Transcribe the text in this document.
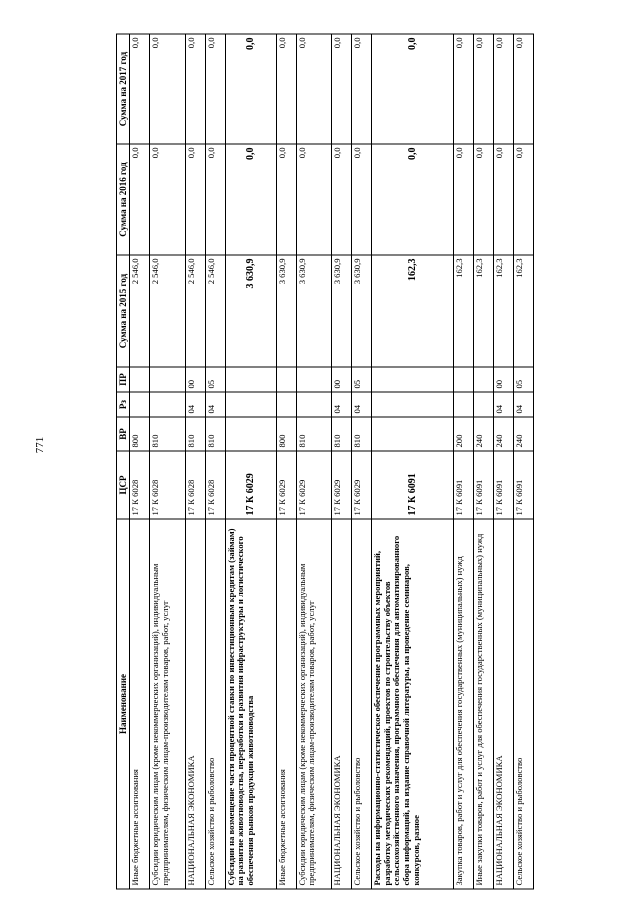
771
Наименование	ЦСР	ВР	Рз	ПР	Сумма на 2015 год	Сумма на 2016 год	Сумма на 2017 год
Иные бюджетные ассигнования	17 К 6028	800			2 546,0	0,0	0,0
Субсидии юридическим лицам (кроме некоммерческих организаций), индивидуальным предпринимателям, физическим лицам-производителям товаров, работ, услуг	17 К 6028	810			2 546,0	0,0	0,0
НАЦИОНАЛЬНАЯ ЭКОНОМИКА	17 К 6028	810	04	00	2 546,0	0,0	0,0
Сельское хозяйство и рыболовство	17 К 6028	810	04	05	2 546,0	0,0	0,0
Субсидии на возмещение части процентной ставки по инвестиционным кредитам (займам) на развитие животноводства, переработки и развития инфраструктуры и логистического обеспечения рынков продукции животноводства	17 К 6029				3 630,9	0,0	0,0
Иные бюджетные ассигнования	17 К 6029	800			3 630,9	0,0	0,0
Субсидии юридическим лицам (кроме некоммерческих организаций), индивидуальным предпринимателям, физическим лицам-производителям товаров, работ, услуг	17 К 6029	810			3 630,9	0,0	0,0
НАЦИОНАЛЬНАЯ ЭКОНОМИКА	17 К 6029	810	04	00	3 630,9	0,0	0,0
Сельское хозяйство и рыболовство	17 К 6029	810	04	05	3 630,9	0,0	0,0
Расходы на информационно-статистическое обеспечение программных мероприятий, разработку методических рекомендаций, проектов по строительству объектов сельскохозяйственного назначения, программного обеспечения для автоматизированного сбора информаций, на издание справочной литературы, на проведение семинаров, конкурсов, разное	17 К 6091				162,3	0,0	0,0
Закупка товаров, работ и услуг для обеспечения государственных (муниципальных) нужд	17 К 6091	200			162,3	0,0	0,0
Иные закупки товаров, работ и услуг для обеспечения государственных (муниципальных) нужд	17 К 6091	240			162,3	0,0	0,0
НАЦИОНАЛЬНАЯ ЭКОНОМИКА	17 К 6091	240	04	00	162,3	0,0	0,0
Сельское хозяйство и рыболовство	17 К 6091	240	04	05	162,3	0,0	0,0
